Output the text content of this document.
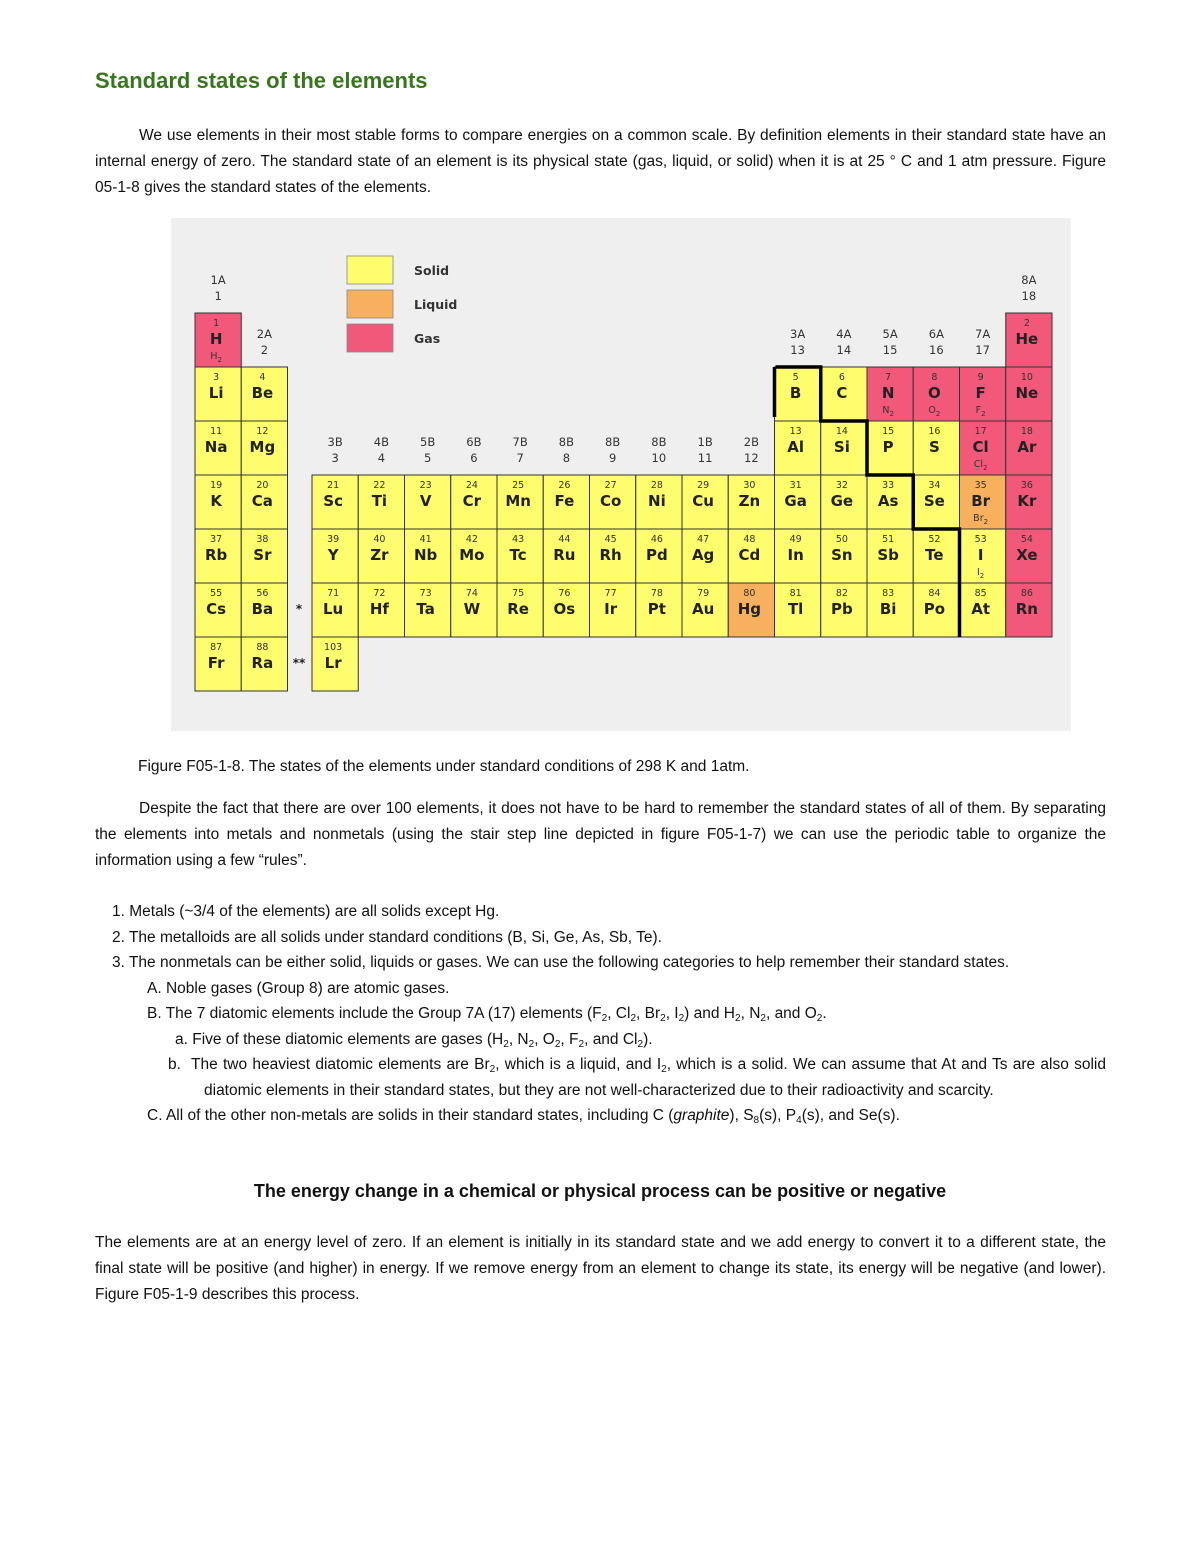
Standard states of the elements

We use elements in their most stable forms to compare energies on a common scale. By definition elements in their standard state have an internal energy of zero. The standard state of an element is its physical state (gas, liquid, or solid) when it is at 25 ° C and 1 atm pressure. Figure 05-1-8 gives the standard states of the elements.

Solid
Liquid
Gas
1A
1
2A
2
3B
3
4B
4
5B
5
6B
6
7B
7
8B
8
8B
9
8B
10
1B
11
2B
12
3A
13
4A
14
5A
15
6A
16
7A
17
8A
18
1
H
$H_2$
2
He
3
Li
4
Be
5
B
6
C
7
N
$N_2$
8
O
$O_2$
9
F
$F_2$
10
Ne
11
Na
12
Mg
13
Al
14
Si
15
P
16
S
17
Cl
$Cl_2$
18
Ar
19
K
20
Ca
21
Sc
22
Ti
23
V
24
Cr
25
Mn
26
Fe
27
Co
28
Ni
29
Cu
30
Zn
31
Ga
32
Ge
33
As
34
Se
35
Br
$Br_2$
36
Kr
37
Rb
38
Sr
39
Y
40
Zr
41
Nb
42
Mo
43
Tc
44
Ru
45
Rh
46
Pd
47
Ag
48
Cd
49
In
50
Sn
51
Sb
52
Te
53
I
$I_2$
54
Xe
55
Cs
56
Ba
71
Lu
72
Hf
73
Ta
74
W
75
Re
76
Os
77
Ir
78
Pt
79
Au
80
Hg
81
Tl
82
Pb
83
Bi
84
Po
85
At
86
Rn
87
Fr
88
Ra
103
Lr
*
**
Figure F05-1-8. The states of the elements under standard conditions of 298 K and 1atm.

Despite the fact that there are over 100 elements, it does not have to be hard to remember the standard states of all of them. By separating the elements into metals and nonmetals (using the stair step line depicted in figure F05-1-7) we can use the periodic table to organize the information using a few “rules”.

1. Metals (~3/4 of the elements) are all solids except Hg.
2. The metalloids are all solids under standard conditions (B, Si, Ge, As, Sb, Te).
3. The nonmetals can be either solid, liquids or gases. We can use the following categories to help remember their standard states.
A. Noble gases (Group 8) are atomic gases.
B. The 7 diatomic elements include the Group 7A (17) elements ($F_2$, $Cl_2$, $Br_2$, $I_2$) and $H_2$, $N_2$, and $O_2$.
a. Five of these diatomic elements are gases ($H_2$, $N_2$, $O_2$, $F_2$, and $Cl_2$).
b. The two heaviest diatomic elements are $Br_2$, which is a liquid, and $I_2$, which is a solid. We can assume that At and Ts are also solid diatomic elements in their standard states, but they are not well-characterized due to their radioactivity and scarcity.
C. All of the other non-metals are solids in their standard states, including C (graphite), $S_8(s)$, $P_4(s)$, and Se(s).
The energy change in a chemical or physical process can be positive or negative

The elements are at an energy level of zero. If an element is initially in its standard state and we add energy to convert it to a different state, the final state will be positive (and higher) in energy. If we remove energy from an element to change its state, its energy will be negative (and lower). Figure F05-1-9 describes this process.
